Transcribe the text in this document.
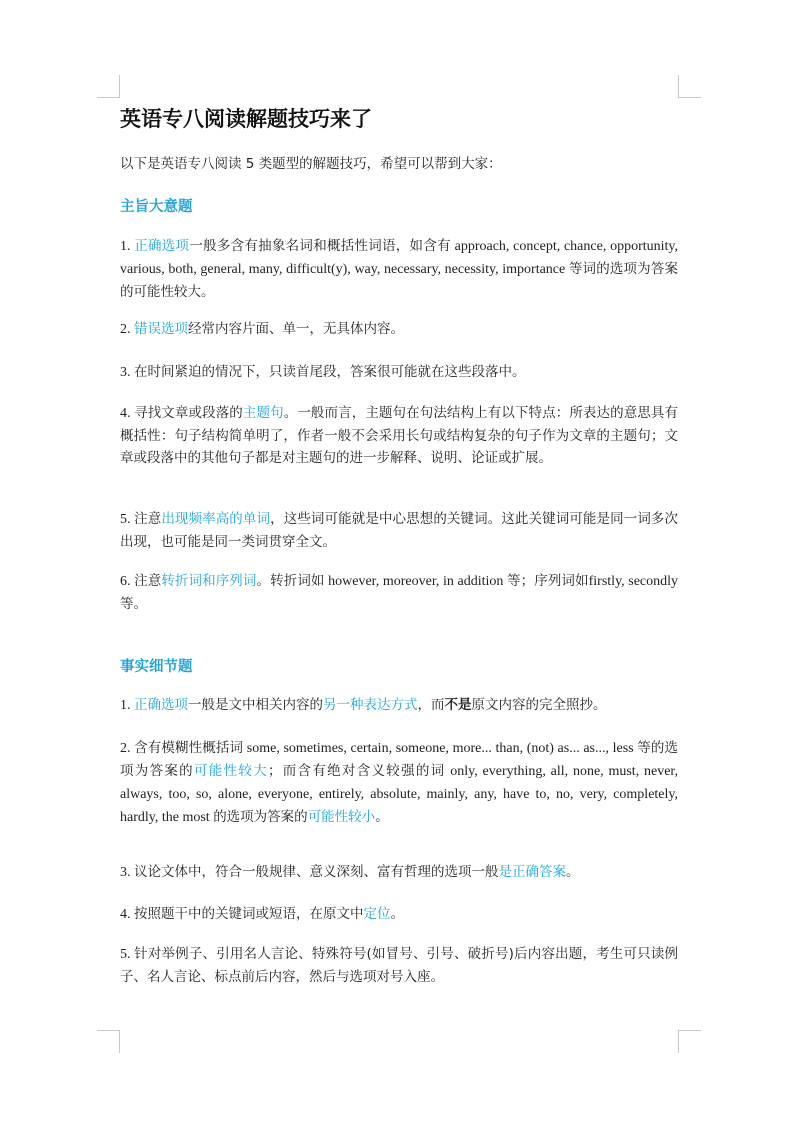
英语专八阅读解题技巧来了

以下是英语专八阅读 5 类题型的解题技巧，希望可以帮到大家：

主旨大意题

1. 正确选项一般多含有抽象名词和概括性词语，如含有 approach, concept, chance, opportunity, various, both, general, many, difficult(y), way, necessary, necessity, importance 等词的选项为答案的可能性较大。

2. 错误选项经常内容片面、单一，无具体内容。

3. 在时间紧迫的情况下，只读首尾段，答案很可能就在这些段落中。

4. 寻找文章或段落的主题句。一般而言，主题句在句法结构上有以下特点：所表达的意思具有概括性：句子结构简单明了，作者一般不会采用长句或结构复杂的句子作为文章的主题句；文章或段落中的其他句子都是对主题句的进一步解释、说明、论证或扩展。

5. 注意出现频率高的单词，这些词可能就是中心思想的关键词。这此关键词可能是同一词多次出现，也可能是同一类词贯穿全文。

6. 注意转折词和序列词。转折词如 however, moreover, in addition 等；序列词如firstly, secondly 等。

事实细节题

1. 正确选项一般是文中相关内容的另一种表达方式，而不是原文内容的完全照抄。

2. 含有模糊性概括词 some, sometimes, certain, someone, more... than, (not) as... as..., less 等的选项为答案的可能性较大；而含有绝对含义较强的词 only, everything, all, none, must, never, always, too, so, alone, everyone, entirely, absolute, mainly, any, have to, no, very, completely, hardly, the most 的选项为答案的可能性较小。

3. 议论文体中，符合一般规律、意义深刻、富有哲理的选项一般是正确答案。

4. 按照题干中的关键词或短语，在原文中定位。

5. 针对举例子、引用名人言论、特殊符号(如冒号、引号、破折号)后内容出题，考生可只读例子、名人言论、标点前后内容，然后与选项对号入座。
